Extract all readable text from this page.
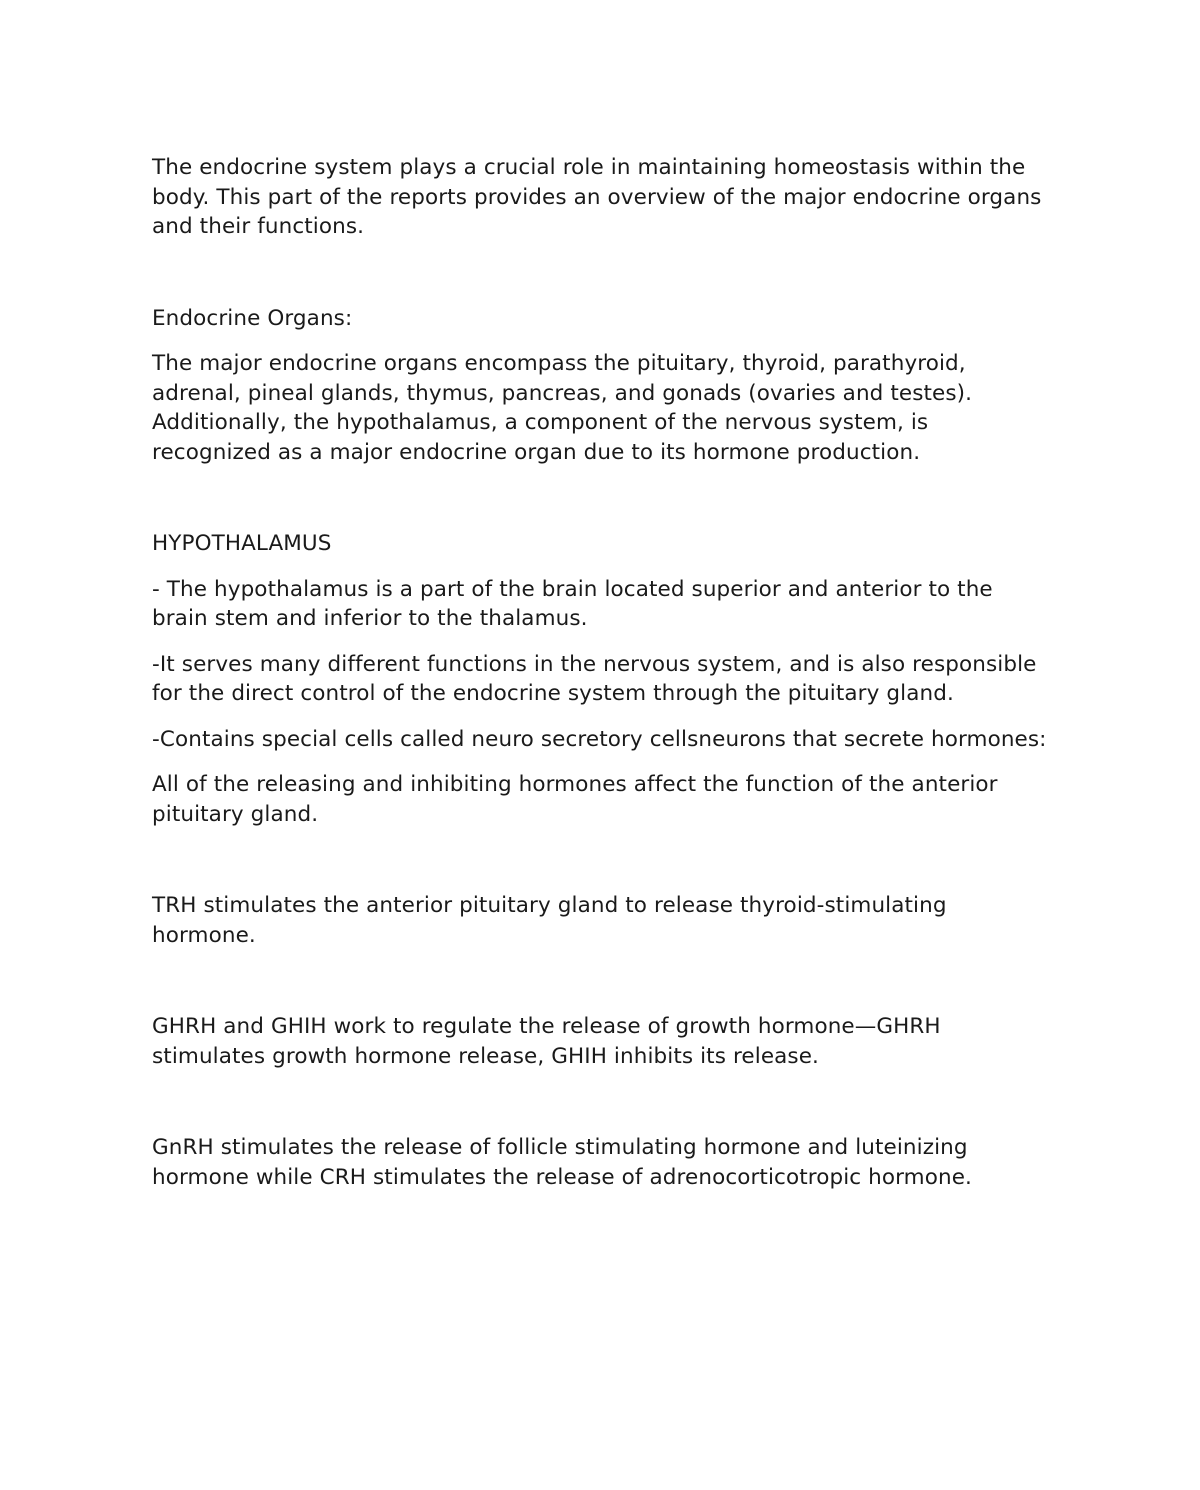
The endocrine system plays a crucial role in maintaining homeostasis within the body. This part of the reports provides an overview of the major endocrine organs and their functions.

Endocrine Organs:

The major endocrine organs encompass the pituitary, thyroid, parathyroid, adrenal, pineal glands, thymus, pancreas, and gonads (ovaries and testes). Additionally, the hypothalamus, a component of the nervous system, is recognized as a major endocrine organ due to its hormone production.

HYPOTHALAMUS

- The hypothalamus is a part of the brain located superior and anterior to the brain stem and inferior to the thalamus.

-It serves many different functions in the nervous system, and is also responsible for the direct control of the endocrine system through the pituitary gland.

-Contains special cells called neuro secretory cellsneurons that secrete hormones:

All of the releasing and inhibiting hormones affect the function of the anterior pituitary gland.

TRH stimulates the anterior pituitary gland to release thyroid-stimulating hormone.

GHRH and GHIH work to regulate the release of growth hormone—GHRH stimulates growth hormone release, GHIH inhibits its release.

GnRH stimulates the release of follicle stimulating hormone and luteinizing hormone while CRH stimulates the release of adrenocorticotropic hormone.
